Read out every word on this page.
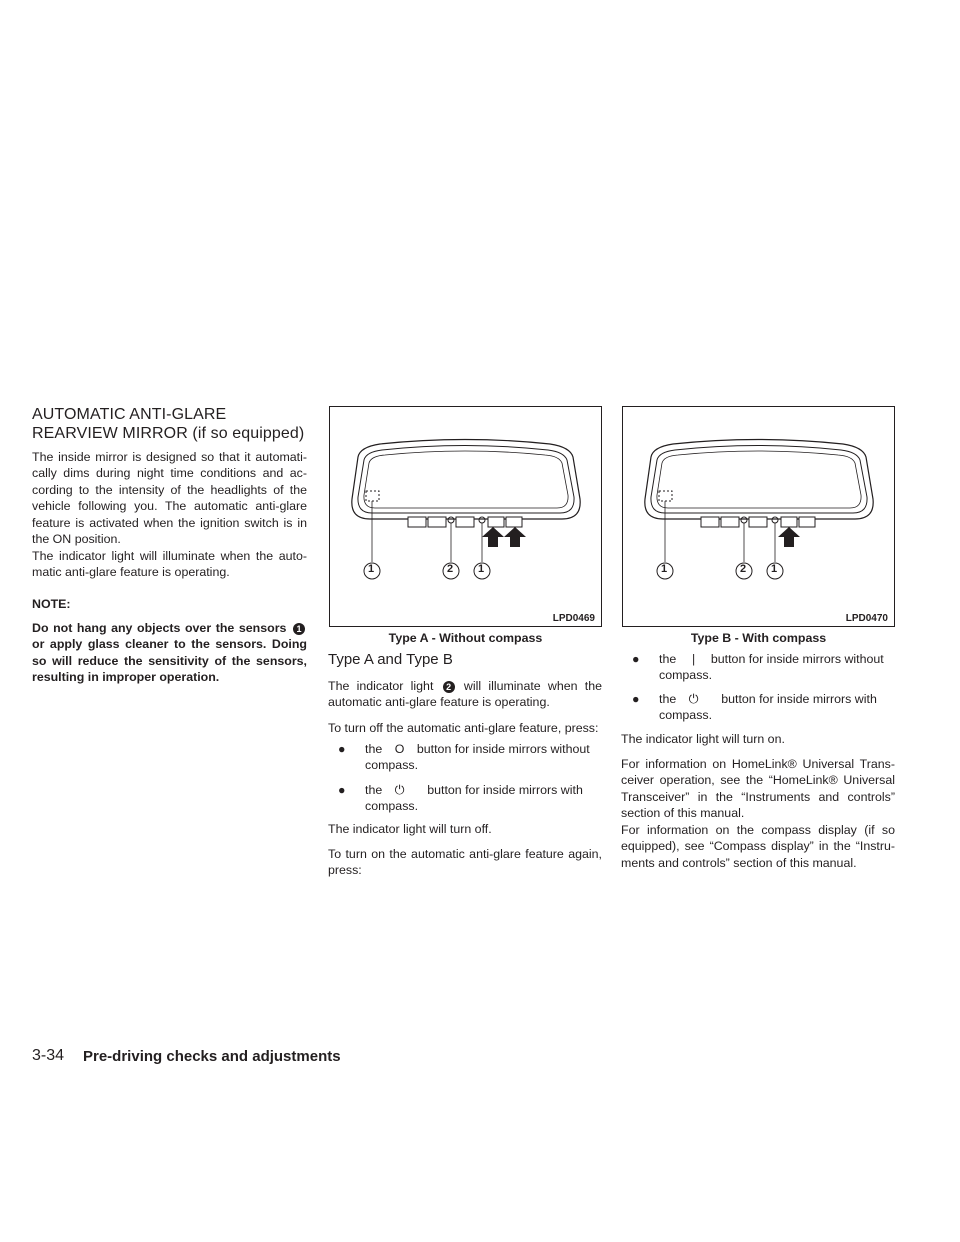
AUTOMATIC ANTI-GLARE
REARVIEW MIRROR (if so equipped)

The inside mirror is designed so that it automati-cally dims during night time conditions and ac-cording to the intensity of the headlights of the vehicle following you. The automatic anti-glare feature is activated when the ignition switch is in the ON position.

The indicator light will illuminate when the auto-matic anti-glare feature is operating.

NOTE:

Do not hang any objects over the sensors 1 or apply glass cleaner to the sensors. Doing so will reduce the sensitivity of the sensors, resulting in improper operation.

1	2 1
LPD0469
Type A - Without compass
1	2 1
LPD0470
Type B - With compass
Type A and Type B

The indicator light 2 will illuminate when the automatic anti-glare feature is operating.

To turn off the automatic anti-glare feature, press:

● the O button for inside mirrors without compass.
● the ⏻ button for inside mirrors with compass.

The indicator light will turn off.

To turn on the automatic anti-glare feature again, press:

● the | button for inside mirrors without compass.
● the ⏻ button for inside mirrors with compass.

The indicator light will turn on.

For information on HomeLink® Universal Trans-ceiver operation, see the “HomeLink® Universal Transceiver” in the “Instruments and controls” section of this manual.

For information on the compass display (if so equipped), see “Compass display” in the “Instru-ments and controls” section of this manual.

3-34 Pre-driving checks and adjustments
